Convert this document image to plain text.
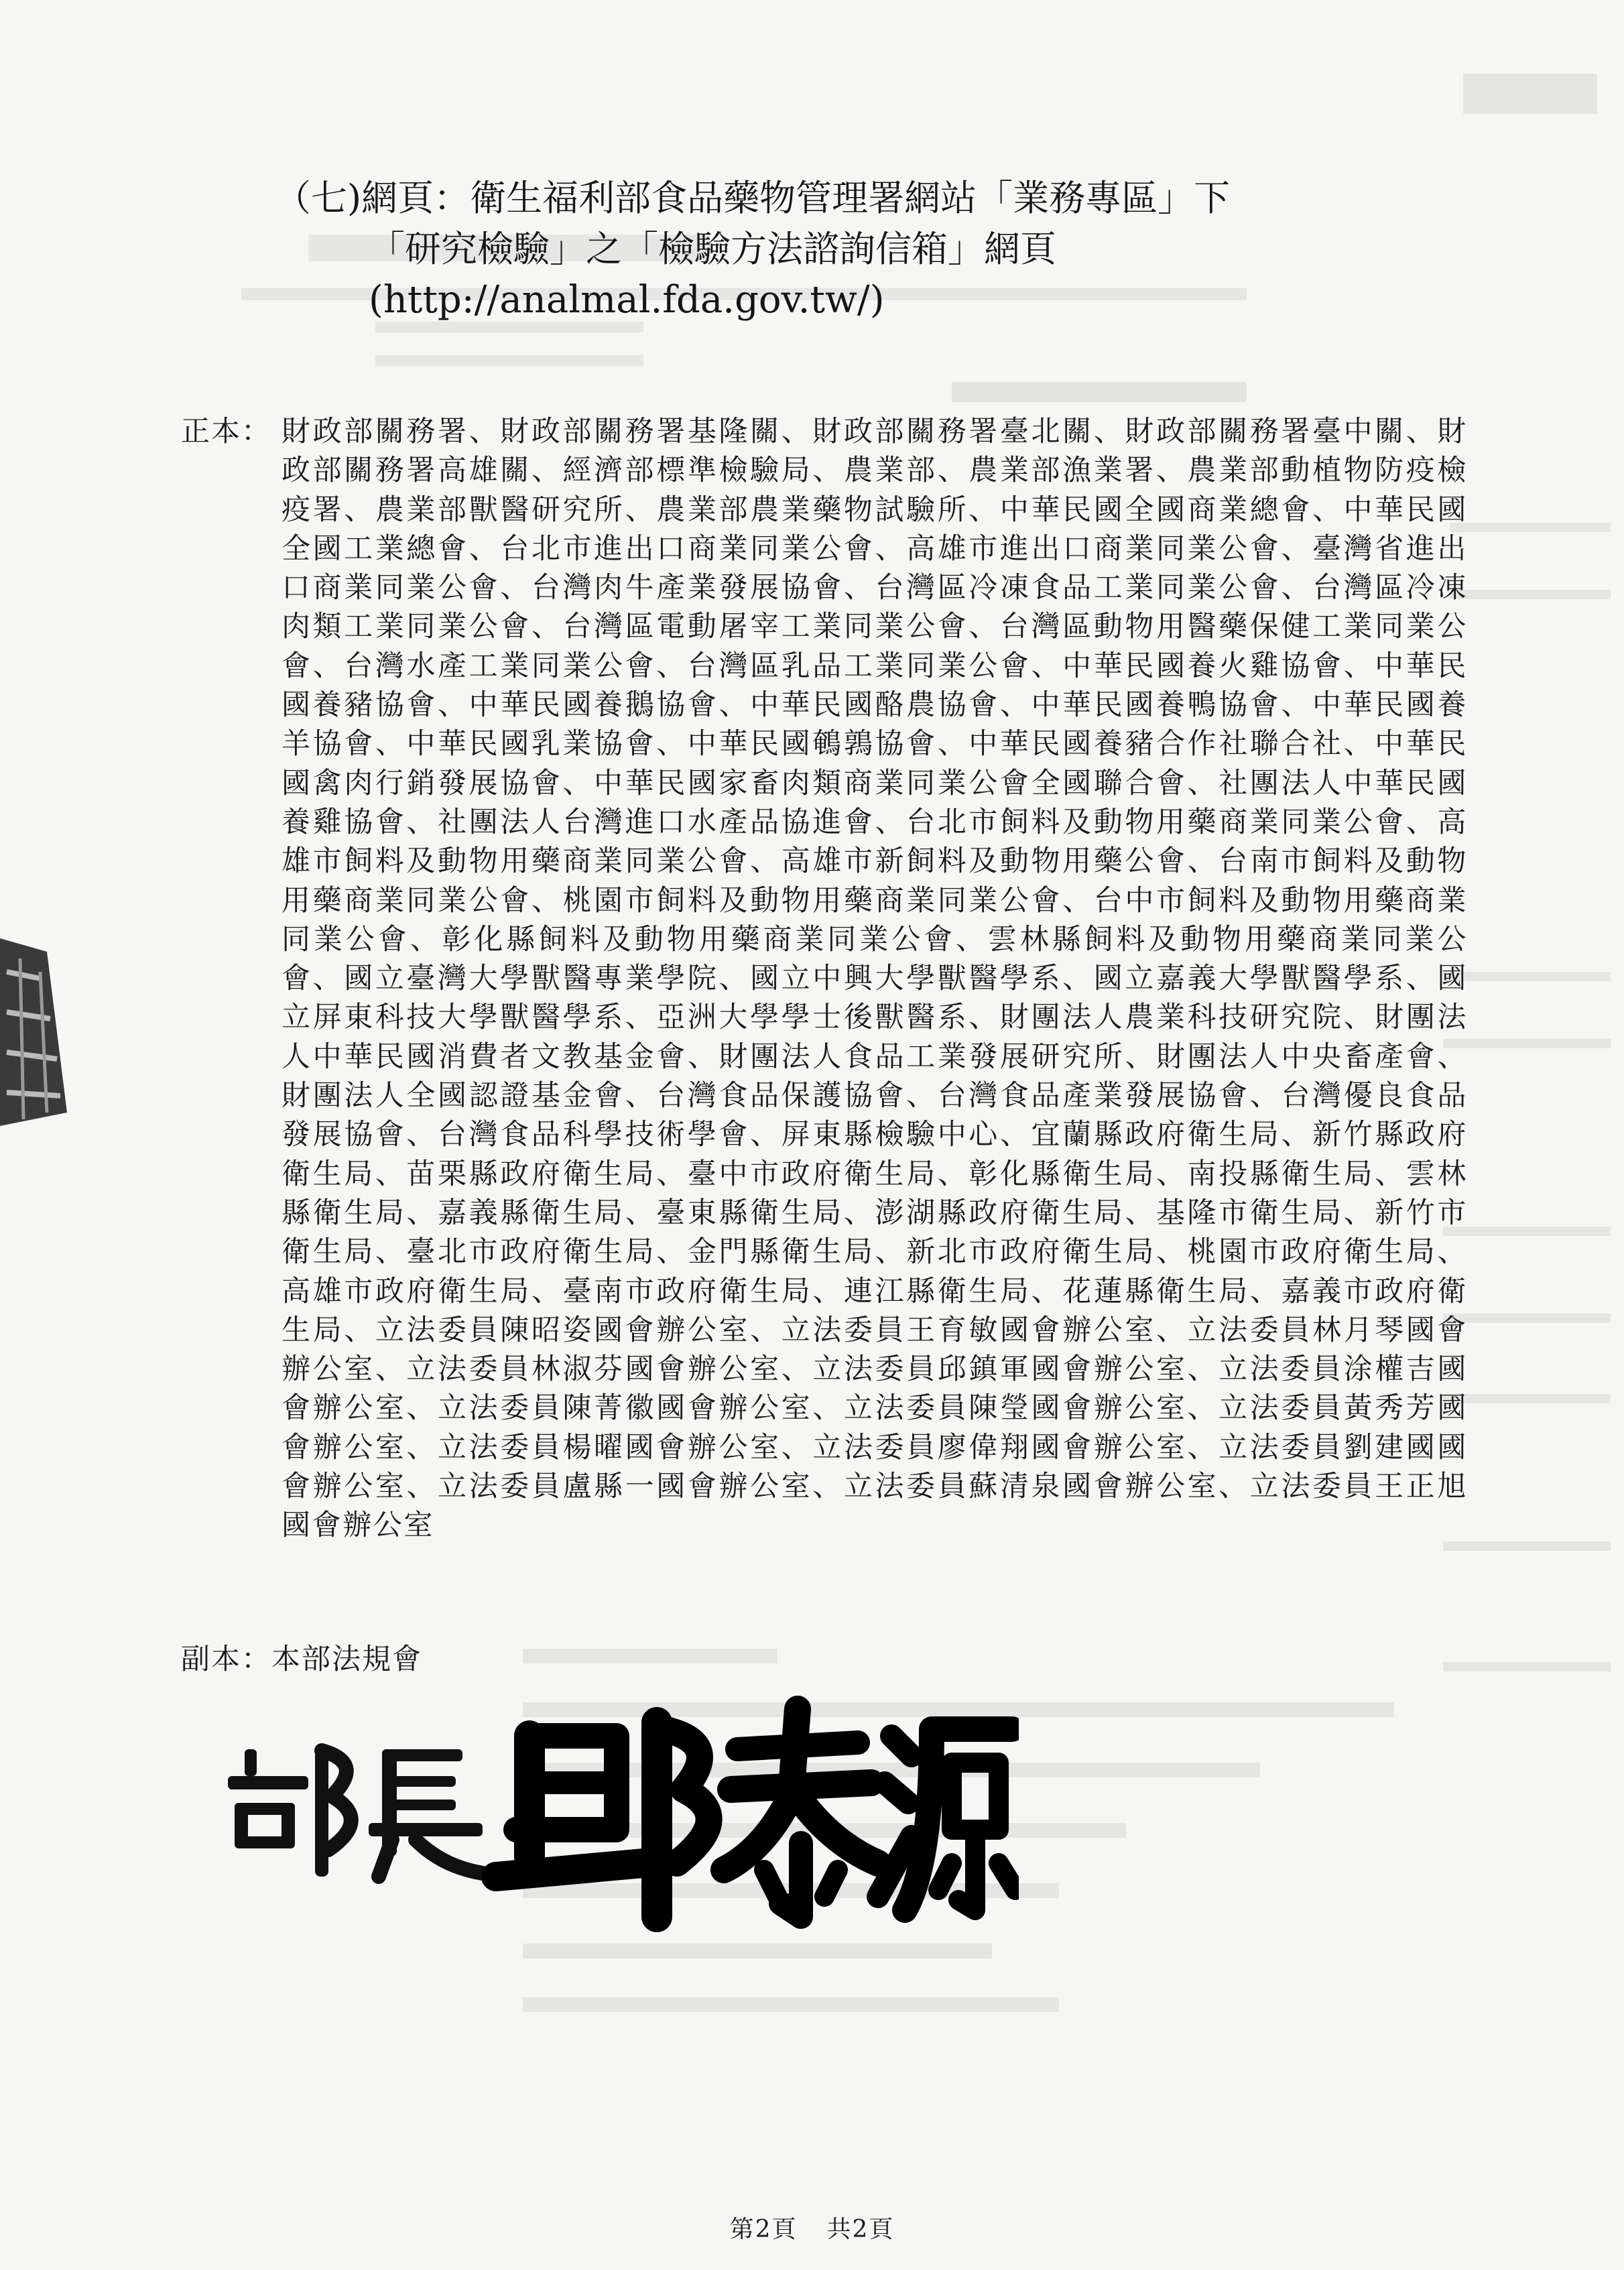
（七)網頁：衛生福利部食品藥物管理署網站「業務專區」下
「研究檢驗」之「檢驗方法諮詢信箱」網頁
(http://analmal.fda.gov.tw/)
正本： 財政部關務署、財政部關務署基隆關、財政部關務署臺北關、財政部關務署臺中關、財政部關務署高雄關、經濟部標準檢驗局、農業部、農業部漁業署、農業部動植物防疫檢疫署、農業部獸醫研究所、農業部農業藥物試驗所、中華民國全國商業總會、中華民國全國工業總會、台北市進出口商業同業公會、高雄市進出口商業同業公會、臺灣省進出口商業同業公會、台灣肉牛產業發展協會、台灣區冷凍食品工業同業公會、台灣區冷凍肉類工業同業公會、台灣區電動屠宰工業同業公會、台灣區動物用醫藥保健工業同業公會、台灣水產工業同業公會、台灣區乳品工業同業公會、中華民國養火雞協會、中華民國養豬協會、中華民國養鵝協會、中華民國酪農協會、中華民國養鴨協會、中華民國養羊協會、中華民國乳業協會、中華民國鵪鶉協會、中華民國養豬合作社聯合社、中華民國禽肉行銷發展協會、中華民國家畜肉類商業同業公會全國聯合會、社團法人中華民國養雞協會、社團法人台灣進口水產品協進會、台北市飼料及動物用藥商業同業公會、高雄市飼料及動物用藥商業同業公會、高雄市新飼料及動物用藥公會、台南市飼料及動物用藥商業同業公會、桃園市飼料及動物用藥商業同業公會、台中市飼料及動物用藥商業同業公會、彰化縣飼料及動物用藥商業同業公會、雲林縣飼料及動物用藥商業同業公會、國立臺灣大學獸醫專業學院、國立中興大學獸醫學系、國立嘉義大學獸醫學系、國立屏東科技大學獸醫學系、亞洲大學學士後獸醫系、財團法人農業科技研究院、財團法人中華民國消費者文教基金會、財團法人食品工業發展研究所、財團法人中央畜產會、財團法人全國認證基金會、台灣食品保護協會、台灣食品產業發展協會、台灣優良食品發展協會、台灣食品科學技術學會、屏東縣檢驗中心、宜蘭縣政府衛生局、新竹縣政府衛生局、苗栗縣政府衛生局、臺中市政府衛生局、彰化縣衛生局、南投縣衛生局、雲林縣衛生局、嘉義縣衛生局、臺東縣衛生局、澎湖縣政府衛生局、基隆市衛生局、新竹市衛生局、臺北市政府衛生局、金門縣衛生局、新北市政府衛生局、桃園市政府衛生局、高雄市政府衛生局、臺南市政府衛生局、連江縣衛生局、花蓮縣衛生局、嘉義市政府衛生局、立法委員陳昭姿國會辦公室、立法委員王育敏國會辦公室、立法委員林月琴國會辦公室、立法委員林淑芬國會辦公室、立法委員邱鎮軍國會辦公室、立法委員涂權吉國會辦公室、立法委員陳菁徽國會辦公室、立法委員陳瑩國會辦公室、立法委員黃秀芳國會辦公室、立法委員楊曜國會辦公室、立法委員廖偉翔國會辦公室、立法委員劉建國國會辦公室、立法委員盧縣一國會辦公室、立法委員蘇清泉國會辦公室、立法委員王正旭國會辦公室
副本：本部法規會
第2頁 共2頁
